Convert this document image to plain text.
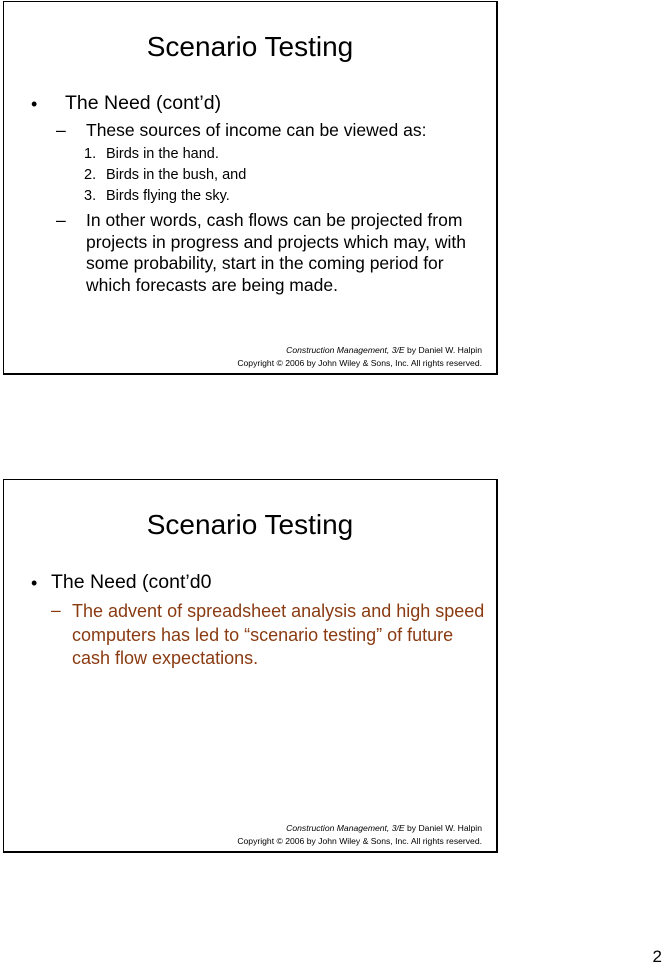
Scenario Testing
• The Need (cont’d)
– These sources of income can be viewed as:
1. Birds in the hand.
2. Birds in the bush, and
3. Birds flying the sky.
– In other words, cash flows can be projected from projects in progress and projects which may, with some probability, start in the coming period for which forecasts are being made.
Construction Management, 3/E by Daniel W. Halpin
Copyright © 2006 by John Wiley & Sons, Inc. All rights reserved.
Scenario Testing
• The Need (cont’d0
– The advent of spreadsheet analysis and high speed computers has led to “scenario testing” of future cash flow expectations.
Construction Management, 3/E by Daniel W. Halpin
Copyright © 2006 by John Wiley & Sons, Inc. All rights reserved.
2
